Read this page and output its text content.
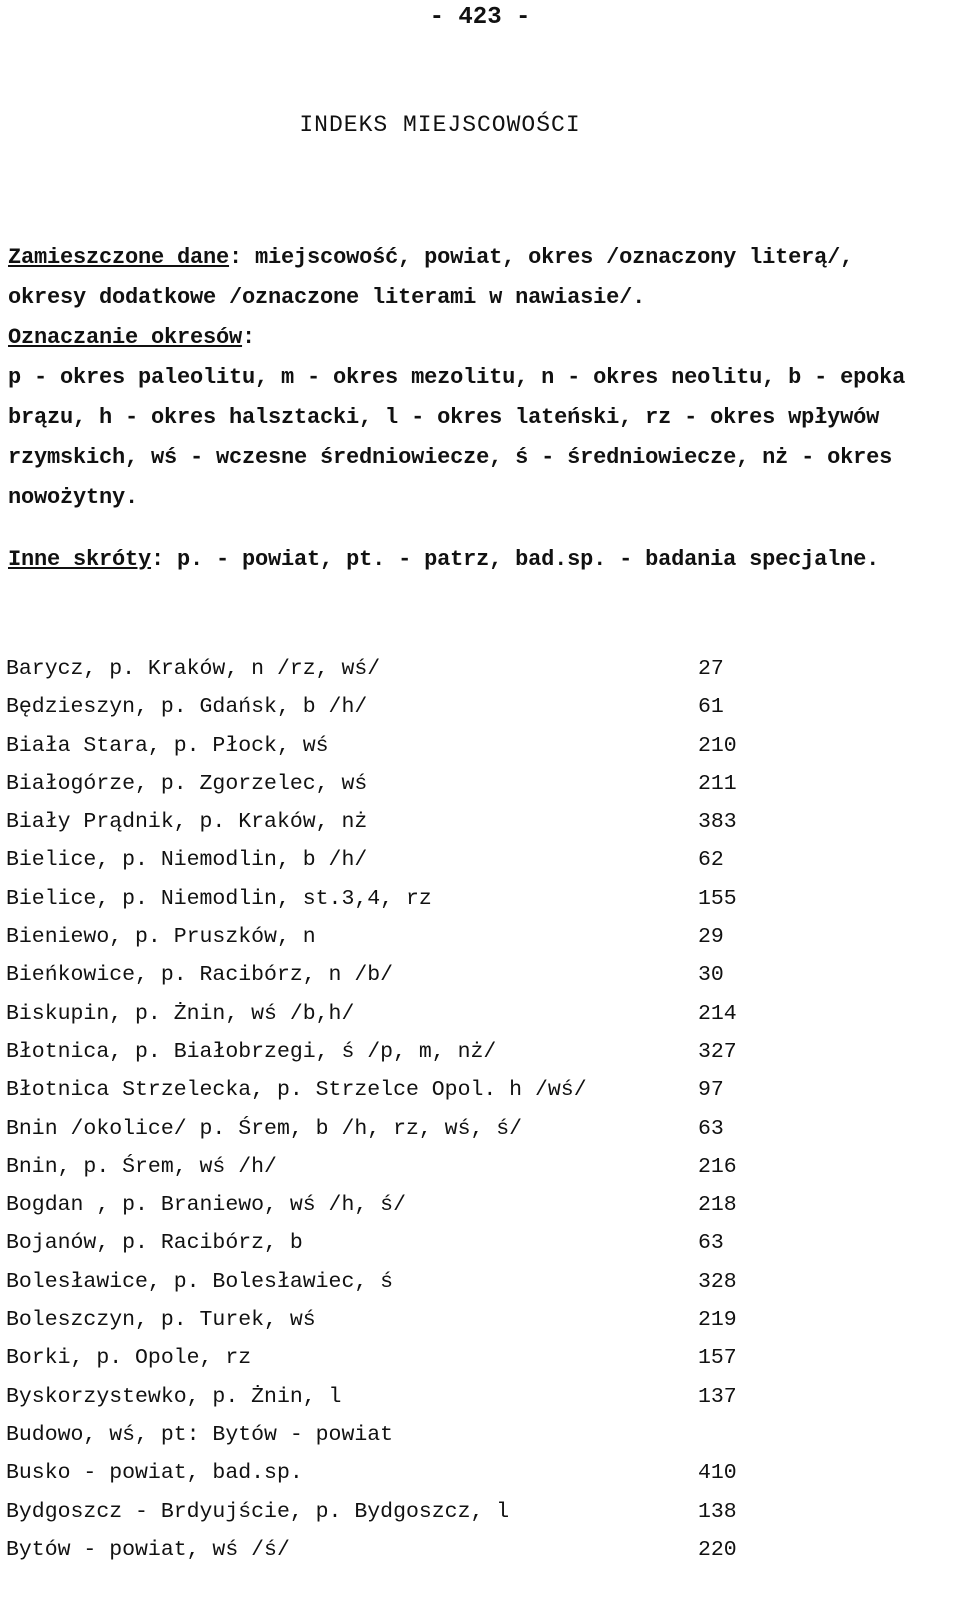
- 423 -
INDEKS MIEJSCOWOŚCI

Zamieszczone dane: miejscowość, powiat, okres /oznaczony literą/, okresy dodatkowe /oznaczone literami w nawiasie/.

Oznaczanie okresów:
p - okres paleolitu, m - okres mezolitu, n - okres neolitu, b - epoka brązu, h - okres halsztacki, l - okres lateński, rz - okres wpływów rzymskich, wś - wczesne średniowiecze, ś - średniowiecze, nż - okres nowożytny.

Inne skróty: p. - powiat, pt. - patrz, bad.sp. - badania specjalne.

Barycz, p. Kraków, n /rz, wś/	27
Będzieszyn, p. Gdańsk, b /h/	61
Biała Stara, p. Płock, wś	210
Białogórze, p. Zgorzelec, wś	211
Biały Prądnik, p. Kraków, nż	383
Bielice, p. Niemodlin, b /h/	62
Bielice, p. Niemodlin, st.3,4, rz	155
Bieniewo, p. Pruszków, n	29
Bieńkowice, p. Racibórz, n /b/	30
Biskupin, p. Żnin, wś /b,h/	214
Błotnica, p. Białobrzegi, ś /p, m, nż/	327
Błotnica Strzelecka, p. Strzelce Opol. h /wś/	97
Bnin /okolice/ p. Śrem, b /h, rz, wś, ś/	63
Bnin, p. Śrem, wś /h/	216
Bogdan , p. Braniewo, wś /h, ś/	218
Bojanów, p. Racibórz, b	63
Bolesławice, p. Bolesławiec, ś	328
Boleszczyn, p. Turek, wś	219
Borki, p. Opole, rz	157
Byskorzystewko, p. Żnin, l	137
Budowo, wś, pt: Bytów - powiat
Busko - powiat, bad.sp.	410
Bydgoszcz - Brdyujście, p. Bydgoszcz, l	138
Bytów - powiat, wś /ś/	220
